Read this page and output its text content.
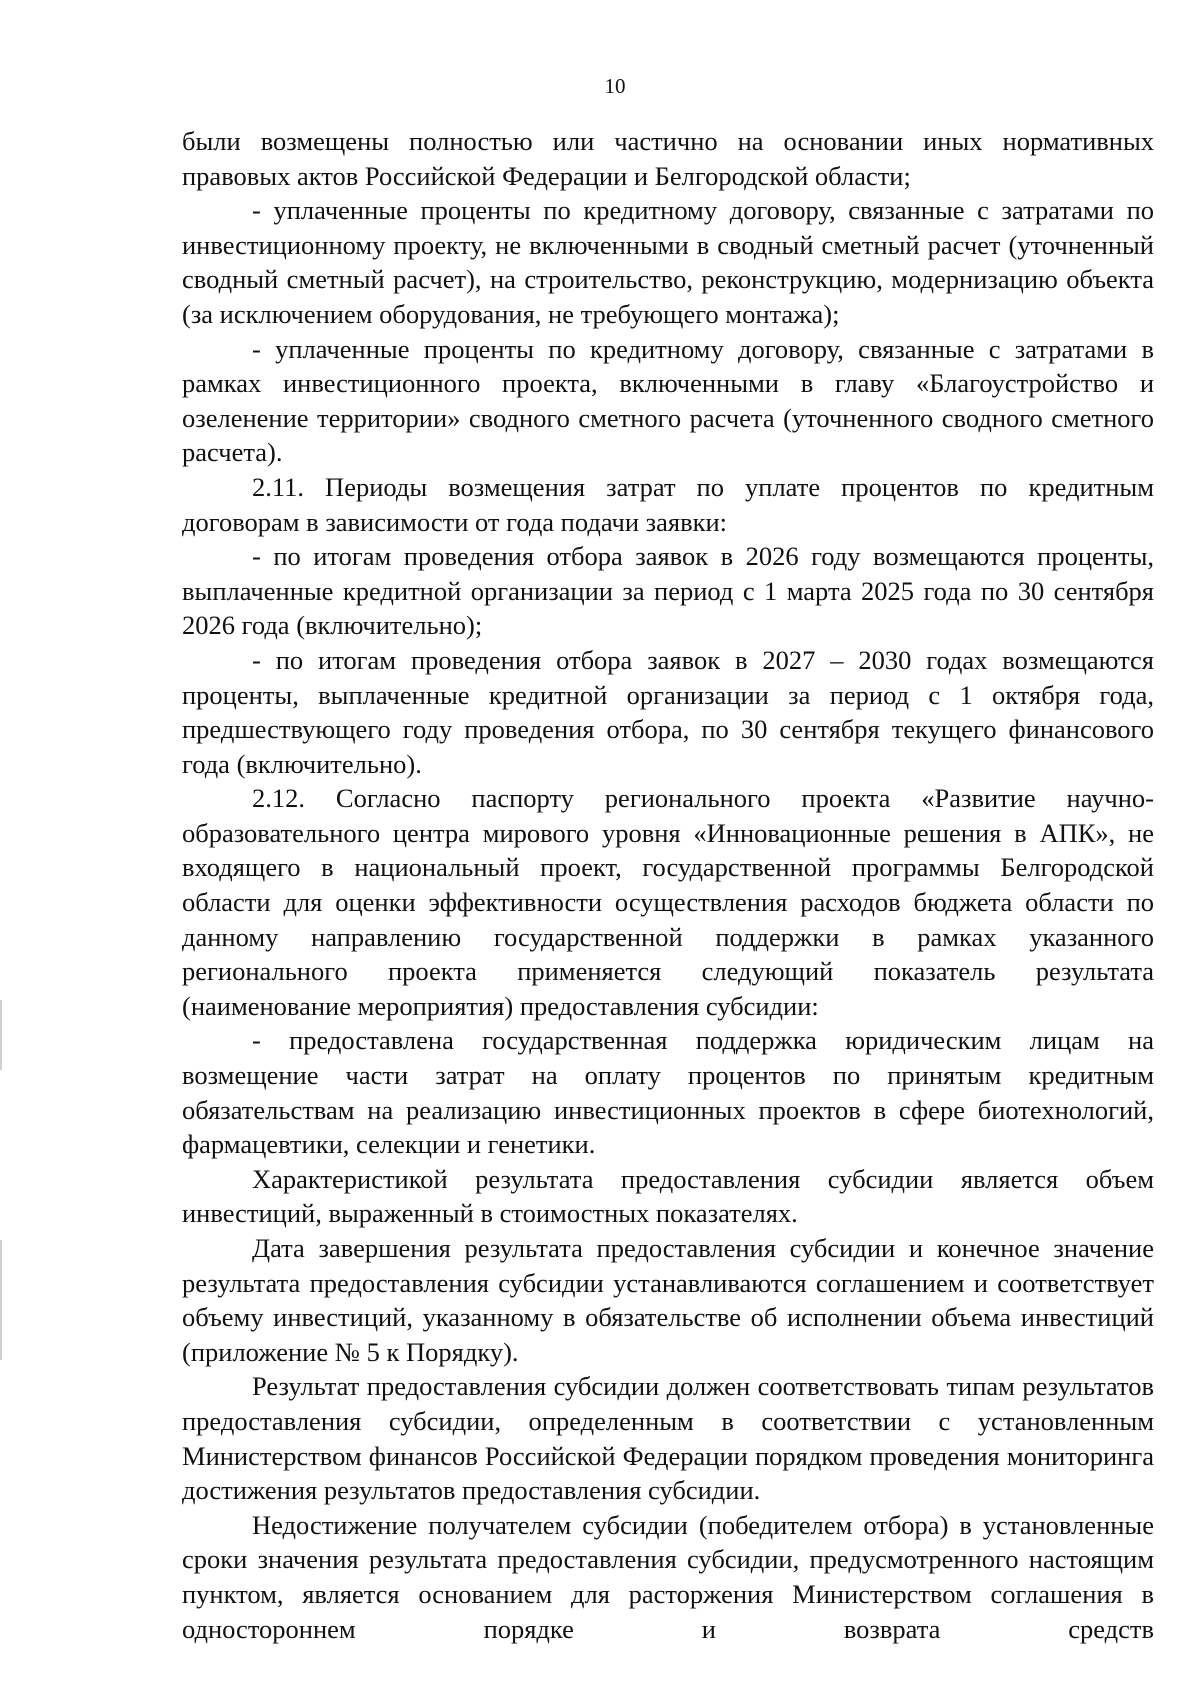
10

были возмещены полностью или частично на основании иных нормативных правовых актов Российской Федерации и Белгородской области;

- уплаченные проценты по кредитному договору, связанные с затратами по инвестиционному проекту, не включенными в сводный сметный расчет (уточненный сводный сметный расчет), на строительство, реконструкцию, модернизацию объекта (за исключением оборудования, не требующего монтажа);

- уплаченные проценты по кредитному договору, связанные с затратами в рамках инвестиционного проекта, включенными в главу «Благоустройство и озеленение территории» сводного сметного расчета (уточненного сводного сметного расчета).

2.11. Периоды возмещения затрат по уплате процентов по кредитным договорам в зависимости от года подачи заявки:

- по итогам проведения отбора заявок в 2026 году возмещаются проценты, выплаченные кредитной организации за период с 1 марта 2025 года по 30 сентября 2026 года (включительно);

- по итогам проведения отбора заявок в 2027 – 2030 годах возмещаются проценты, выплаченные кредитной организации за период с 1 октября года, предшествующего году проведения отбора, по 30 сентября текущего финансового года (включительно).

2.12. Согласно паспорту регионального проекта «Развитие научно-образовательного центра мирового уровня «Инновационные решения в АПК», не входящего в национальный проект, государственной программы Белгородской области для оценки эффективности осуществления расходов бюджета области по данному направлению государственной поддержки в рамках указанного регионального проекта применяется следующий показатель результата (наименование мероприятия) предоставления субсидии:

- предоставлена государственная поддержка юридическим лицам на возмещение части затрат на оплату процентов по принятым кредитным обязательствам на реализацию инвестиционных проектов в сфере биотехнологий, фармацевтики, селекции и генетики.

Характеристикой результата предоставления субсидии является объем инвестиций, выраженный в стоимостных показателях.

Дата завершения результата предоставления субсидии и конечное значение результата предоставления субсидии устанавливаются соглашением и соответствует объему инвестиций, указанному в обязательстве об исполнении объема инвестиций (приложение № 5 к Порядку).

Результат предоставления субсидии должен соответствовать типам результатов предоставления субсидии, определенным в соответствии с установленным Министерством финансов Российской Федерации порядком проведения мониторинга достижения результатов предоставления субсидии.

Недостижение получателем субсидии (победителем отбора) в установленные сроки значения результата предоставления субсидии, предусмотренного настоящим пунктом, является основанием для расторжения Министерством соглашения в одностороннем порядке и возврата средств
